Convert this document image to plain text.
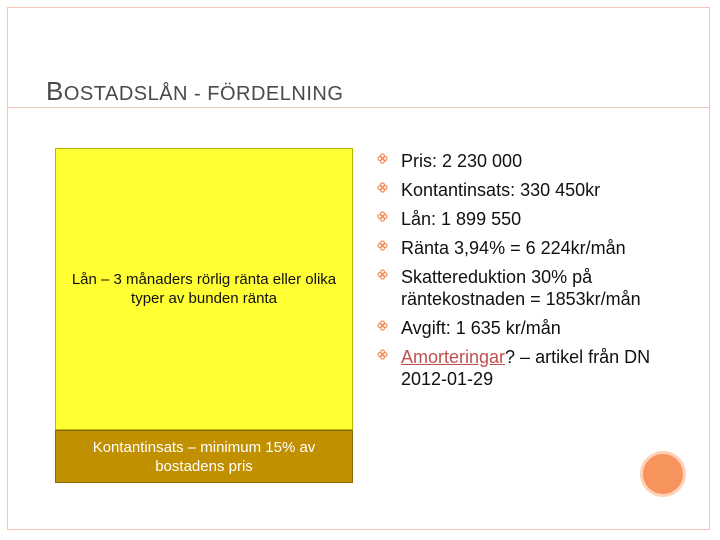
BOSTADSLÅN - FÖRDELNING
Lån – 3 månaders rörlig ränta eller olika typer av bunden ränta
Kontantinsats – minimum 15% av bostadens pris
Pris: 2 230 000
Kontantinsats: 330 450kr
Lån: 1 899 550
Ränta 3,94% = 6 224kr/mån
Skattereduktion 30% på räntekostnaden = 1853kr/mån
Avgift: 1 635 kr/mån
Amorteringar? – artikel från DN 2012-01-29
